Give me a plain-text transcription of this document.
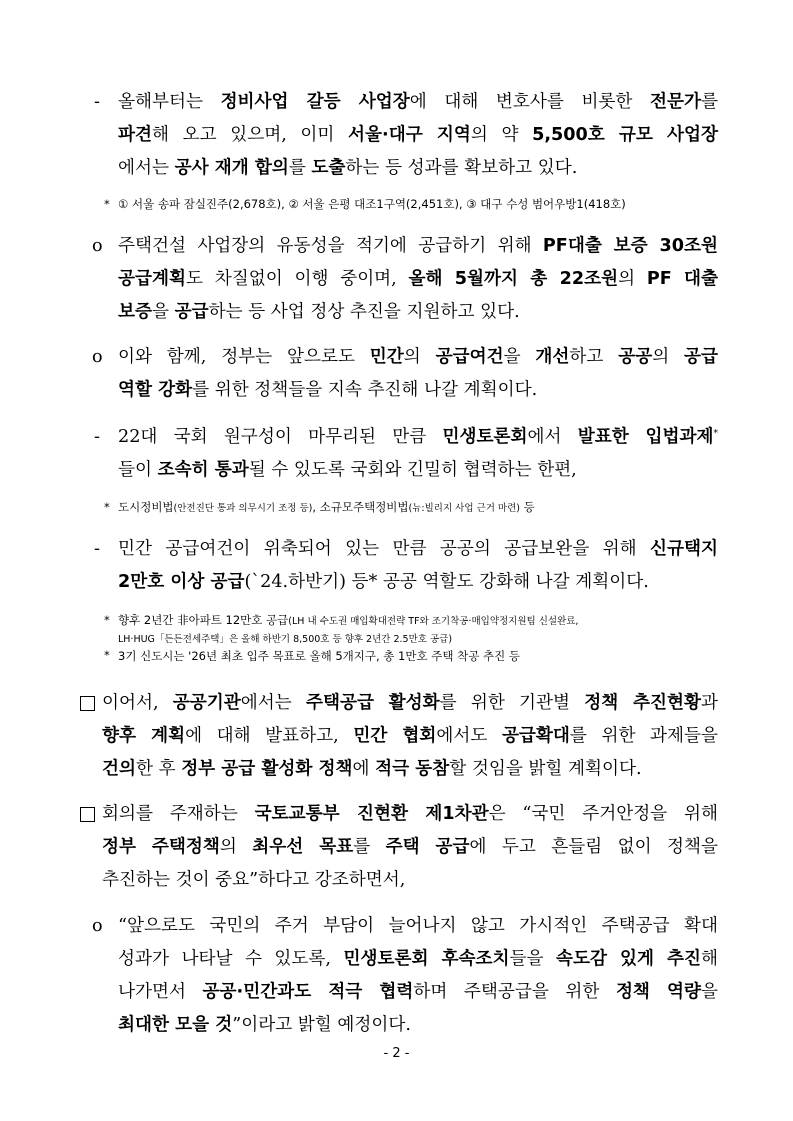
- 올해부터는 정비사업 갈등 사업장에 대해 변호사를 비롯한 전문가를
파견해 오고 있으며, 이미 서울·대구 지역의 약 5,500호 규모 사업장
에서는 공사 재개 합의를 도출하는 등 성과를 확보하고 있다.
* ① 서울 송파 잠실진주(2,678호), ② 서울 은평 대조1구역(2,451호), ③ 대구 수성 범어우방1(418호)
o 주택건설 사업장의 유동성을 적기에 공급하기 위해 PF대출 보증 30조원
공급계획도 차질없이 이행 중이며, 올해 5월까지 총 22조원의 PF 대출
보증을 공급하는 등 사업 정상 추진을 지원하고 있다.
o 이와 함께, 정부는 앞으로도 민간의 공급여건을 개선하고 공공의 공급
역할 강화를 위한 정책들을 지속 추진해 나갈 계획이다.
- 22대 국회 원구성이 마무리된 만큼 민생토론회에서 발표한 입법과제*
들이 조속히 통과될 수 있도록 국회와 긴밀히 협력하는 한편,
* 도시정비법(안전진단 통과 의무시기 조정 등), 소규모주택정비법(뉴:빌리지 사업 근거 마련) 등
- 민간 공급여건이 위축되어 있는 만큼 공공의 공급보완을 위해 신규택지
2만호 이상 공급(`24.하반기) 등* 공공 역할도 강화해 나갈 계획이다.
*
*
향후 2년간 非아파트 12만호 공급(LH 내 수도권 매입확대전략 TF와 조기착공·매입약정지원팀 신설완료,
LH·HUG「든든전세주택」은 올해 하반기 8,500호 등 향후 2년간 2.5만호 공급)
3기 신도시는 '26년 최초 입주 목표로 올해 5개지구, 총 1만호 주택 착공 추진 등
이어서, 공공기관에서는 주택공급 활성화를 위한 기관별 정책 추진현황과
향후 계획에 대해 발표하고, 민간 협회에서도 공급확대를 위한 과제들을
건의한 후 정부 공급 활성화 정책에 적극 동참할 것임을 밝힐 계획이다.
회의를 주재하는 국토교통부 진현환 제1차관은 “국민 주거안정을 위해
정부 주택정책의 최우선 목표를 주택 공급에 두고 흔들림 없이 정책을
추진하는 것이 중요”하다고 강조하면서,
o “앞으로도 국민의 주거 부담이 늘어나지 않고 가시적인 주택공급 확대
성과가 나타날 수 있도록, 민생토론회 후속조치들을 속도감 있게 추진해
나가면서 공공·민간과도 적극 협력하며 주택공급을 위한 정책 역량을
최대한 모을 것”이라고 밝힐 예정이다.
- 2 -
